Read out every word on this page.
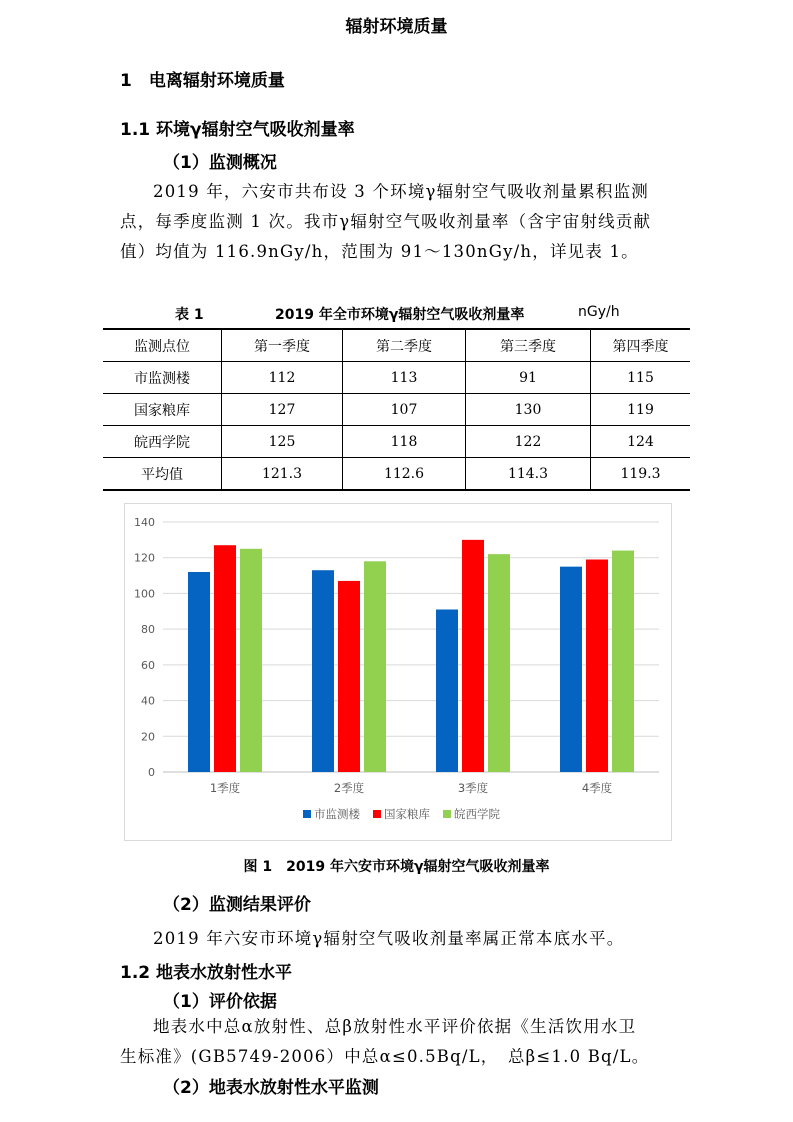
辐射环境质量
1　电离辐射环境质量
1.1 环境γ辐射空气吸收剂量率
（1）监测概况
2019 年，六安市共布设 3 个环境γ辐射空气吸收剂量累积监测
点，每季度监测 1 次。我市γ辐射空气吸收剂量率（含宇宙射线贡献
值）均值为 116.9nGy/h，范围为 91～130nGy/h，详见表 1。
表 1	2019 年全市环境γ辐射空气吸收剂量率	nGy/h
监测点位	第一季度	第二季度	第三季度	第四季度
市监测楼	112	113	91	115
国家粮库	127	107	130	119
皖西学院	125	118	122	124
平均值	121.3	112.6	114.3	119.3
0
20
40
60
80
100
120
140
1季度	2季度	3季度	4季度
市监测楼 国家粮库 皖西学院
图 1　2019 年六安市环境γ辐射空气吸收剂量率
（2）监测结果评价
2019 年六安市环境γ辐射空气吸收剂量率属正常本底水平。
1.2 地表水放射性水平
（1）评价依据
地表水中总α放射性、总β放射性水平评价依据《生活饮用水卫
生标准》(GB5749-2006）中总α≤0.5Bq/L，　总β≤1.0 Bq/L。
（2）地表水放射性水平监测
